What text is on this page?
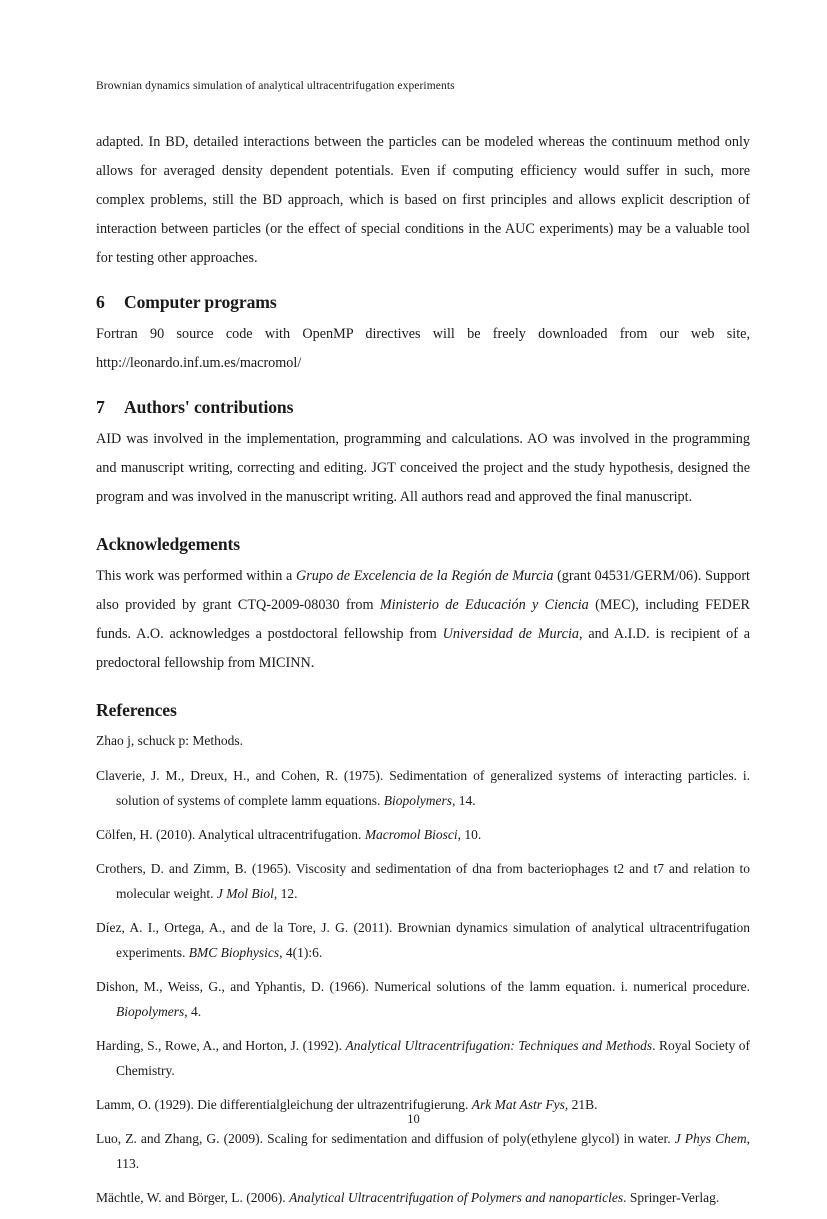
Brownian dynamics simulation of analytical ultracentrifugation experiments

adapted. In BD, detailed interactions between the particles can be modeled whereas the continuum method only allows for averaged density dependent potentials. Even if computing efficiency would suffer in such, more complex problems, still the BD approach, which is based on first principles and allows explicit description of interaction between particles (or the effect of special conditions in the AUC experiments) may be a valuable tool for testing other approaches.

6 Computer programs

Fortran 90 source code with OpenMP directives will be freely downloaded from our web site, http://leonardo.inf.um.es/macromol/

7 Authors' contributions

AID was involved in the implementation, programming and calculations. AO was involved in the programming and manuscript writing, correcting and editing. JGT conceived the project and the study hypothesis, designed the program and was involved in the manuscript writing. All authors read and approved the final manuscript.

Acknowledgements

This work was performed within a Grupo de Excelencia de la Región de Murcia (grant 04531/GERM/06). Support also provided by grant CTQ-2009-08030 from Ministerio de Educación y Ciencia (MEC), including FEDER funds. A.O. acknowledges a postdoctoral fellowship from Universidad de Murcia, and A.I.D. is recipient of a predoctoral fellowship from MICINN.

References
Zhao j, schuck p: Methods.
Claverie, J. M., Dreux, H., and Cohen, R. (1975). Sedimentation of generalized systems of interacting particles. i. solution of systems of complete lamm equations. Biopolymers, 14.
Cölfen, H. (2010). Analytical ultracentrifugation. Macromol Biosci, 10.
Crothers, D. and Zimm, B. (1965). Viscosity and sedimentation of dna from bacteriophages t2 and t7 and relation to molecular weight. J Mol Biol, 12.
Díez, A. I., Ortega, A., and de la Tore, J. G. (2011). Brownian dynamics simulation of analytical ultracentrifugation experiments. BMC Biophysics, 4(1):6.
Dishon, M., Weiss, G., and Yphantis, D. (1966). Numerical solutions of the lamm equation. i. numerical procedure. Biopolymers, 4.
Harding, S., Rowe, A., and Horton, J. (1992). Analytical Ultracentrifugation: Techniques and Methods. Royal Society of Chemistry.
Lamm, O. (1929). Die differentialgleichung der ultrazentrifugierung. Ark Mat Astr Fys, 21B.
Luo, Z. and Zhang, G. (2009). Scaling for sedimentation and diffusion of poly(ethylene glycol) in water. J Phys Chem, 113.
Mächtle, W. and Börger, L. (2006). Analytical Ultracentrifugation of Polymers and nanoparticles. Springer-Verlag.
10
